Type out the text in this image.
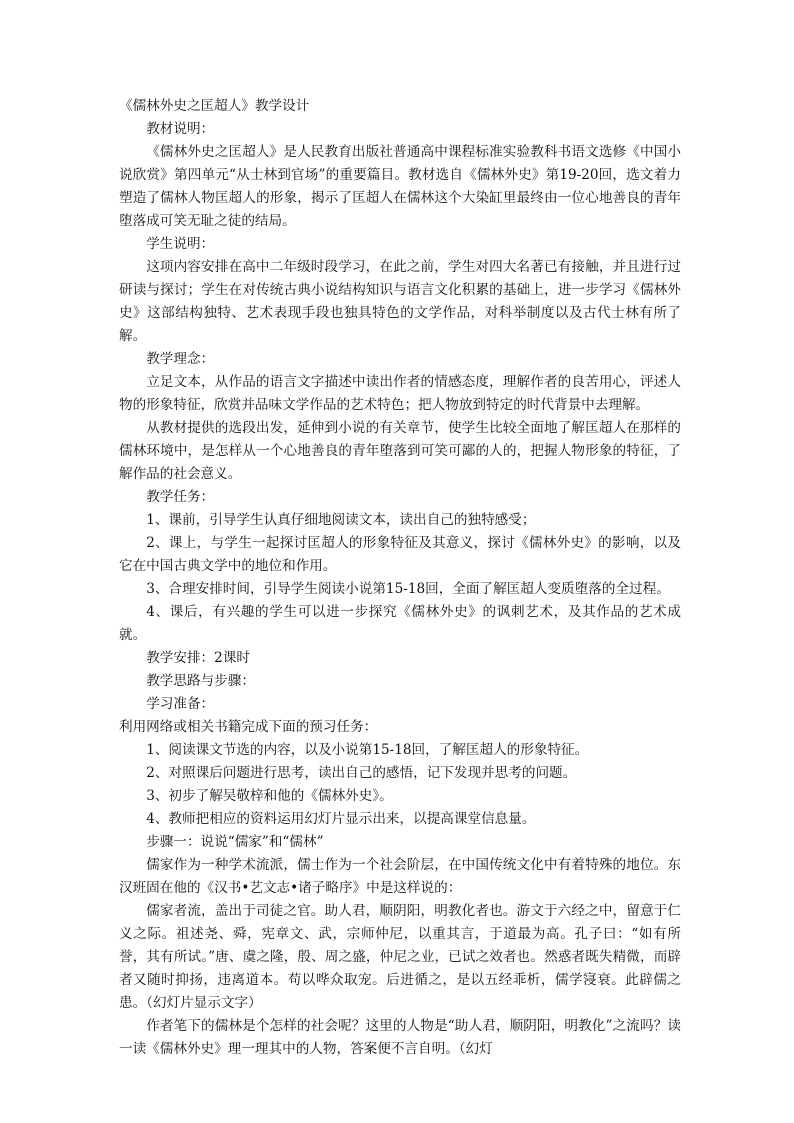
《儒林外史之匡超人》教学设计

教材说明：

《儒林外史之匡超人》是人民教育出版社普通高中课程标准实验教科书语文选修《中国小说欣赏》第四单元“从士林到官场”的重要篇目。教材选自《儒林外史》第19-20回，选文着力塑造了儒林人物匡超人的形象，揭示了匡超人在儒林这个大染缸里最终由一位心地善良的青年堕落成可笑无耻之徒的结局。

学生说明：

这项内容安排在高中二年级时段学习，在此之前，学生对四大名著已有接触，并且进行过研读与探讨；学生在对传统古典小说结构知识与语言文化积累的基础上，进一步学习《儒林外史》这部结构独特、艺术表现手段也独具特色的文学作品，对科举制度以及古代士林有所了解。

教学理念：

立足文本，从作品的语言文字描述中读出作者的情感态度，理解作者的良苦用心，评述人物的形象特征，欣赏并品味文学作品的艺术特色；把人物放到特定的时代背景中去理解。

从教材提供的选段出发，延伸到小说的有关章节，使学生比较全面地了解匡超人在那样的儒林环境中，是怎样从一个心地善良的青年堕落到可笑可鄙的人的，把握人物形象的特征，了解作品的社会意义。

教学任务：

1、课前，引导学生认真仔细地阅读文本，读出自己的独特感受；

2、课上，与学生一起探讨匡超人的形象特征及其意义，探讨《儒林外史》的影响，以及它在中国古典文学中的地位和作用。

3、合理安排时间，引导学生阅读小说第15-18回，全面了解匡超人变质堕落的全过程。

4、课后，有兴趣的学生可以进一步探究《儒林外史》的讽刺艺术，及其作品的艺术成就。

教学安排：2课时

教学思路与步骤：

学习准备：

利用网络或相关书籍完成下面的预习任务：

1、阅读课文节选的内容，以及小说第15-18回，了解匡超人的形象特征。

2、对照课后问题进行思考，读出自己的感悟，记下发现并思考的问题。

3、初步了解吴敬梓和他的《儒林外史》。

4、教师把相应的资料运用幻灯片显示出来，以提高课堂信息量。

步骤一：说说“儒家”和“儒林”

儒家作为一种学术流派，儒士作为一个社会阶层，在中国传统文化中有着特殊的地位。东汉班固在他的《汉书•艺文志•诸子略序》中是这样说的：

儒家者流，盖出于司徒之官。助人君，顺阴阳，明教化者也。游文于六经之中，留意于仁义之际。祖述尧、舜，宪章文、武，宗师仲尼，以重其言，于道最为高。孔子曰：“如有所誉，其有所试。”唐、虞之隆，殷、周之盛，仲尼之业，已试之效者也。然惑者既失精微，而辟者又随时抑扬，违离道本。苟以哗众取宠。后进循之，是以五经乖析，儒学寖衰。此辟儒之患。（幻灯片显示文字）

作者笔下的儒林是个怎样的社会呢？这里的人物是“助人君，顺阴阳，明教化”之流吗？读一读《儒林外史》理一理其中的人物，答案便不言自明。（幻灯
